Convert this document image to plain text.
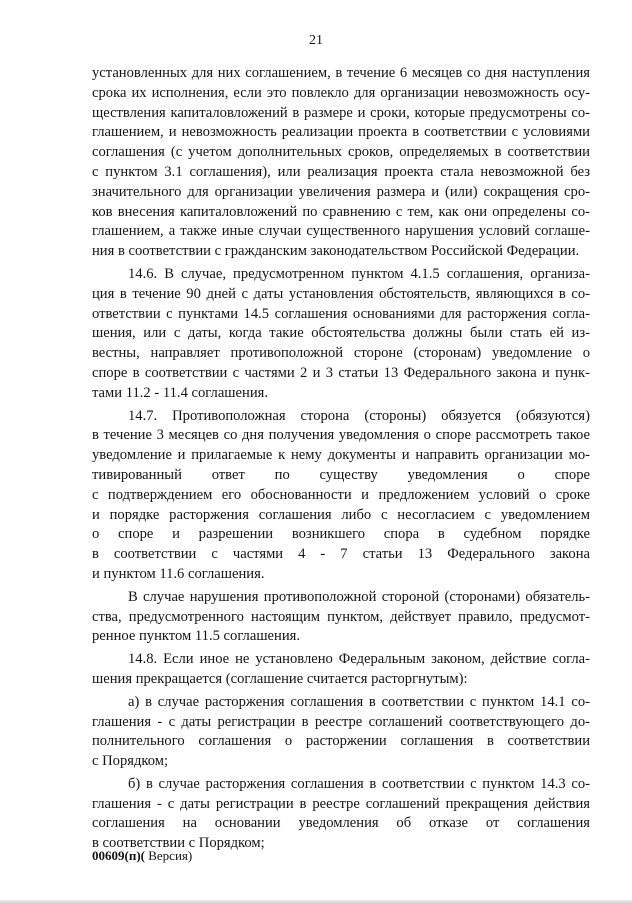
21
установленных для них соглашением, в течение 6 месяцев со дня наступления
срока их исполнения, если это повлекло для организации невозможность осу-
ществления капиталовложений в размере и сроки, которые предусмотрены со-
глашением, и невозможность реализации проекта в соответствии с условиями
соглашения (с учетом дополнительных сроков, определяемых в соответствии
с пунктом 3.1 соглашения), или реализация проекта стала невозможной без
значительного для организации увеличения размера и (или) сокращения сро-
ков внесения капиталовложений по сравнению с тем, как они определены со-
глашением, а также иные случаи существенного нарушения условий соглаше-
ния в соответствии с гражданским законодательством Российской Федерации.
14.6. В случае, предусмотренном пунктом 4.1.5 соглашения, организа-
ция в течение 90 дней с даты установления обстоятельств, являющихся в со-
ответствии с пунктами 14.5 соглашения основаниями для расторжения согла-
шения, или с даты, когда такие обстоятельства должны были стать ей из-
вестны, направляет противоположной стороне (сторонам) уведомление о
споре в соответствии с частями 2 и 3 статьи 13 Федерального закона и пунк-
тами 11.2 - 11.4 соглашения.
14.7. Противоположная сторона (стороны) обязуется (обязуются)
в течение 3 месяцев со дня получения уведомления о споре рассмотреть такое
уведомление и прилагаемые к нему документы и направить организации мо-
тивированный ответ по существу уведомления о споре
с подтверждением его обоснованности и предложением условий о сроке
и порядке расторжения соглашения либо с несогласием с уведомлением
о споре и разрешении возникшего спора в судебном порядке
в соответствии с частями 4 - 7 статьи 13 Федерального закона
и пунктом 11.6 соглашения.
В случае нарушения противоположной стороной (сторонами) обязатель-
ства, предусмотренного настоящим пунктом, действует правило, предусмот-
ренное пунктом 11.5 соглашения.
14.8. Если иное не установлено Федеральным законом, действие согла-
шения прекращается (соглашение считается расторгнутым):
а) в случае расторжения соглашения в соответствии с пунктом 14.1 со-
глашения - с даты регистрации в реестре соглашений соответствующего до-
полнительного соглашения о расторжении соглашения в соответствии
с Порядком;
б) в случае расторжения соглашения в соответствии с пунктом 14.3 со-
глашения - с даты регистрации в реестре соглашений прекращения действия
соглашения на основании уведомления об отказе от соглашения
в соответствии с Порядком;
00609(п)( Версия)
